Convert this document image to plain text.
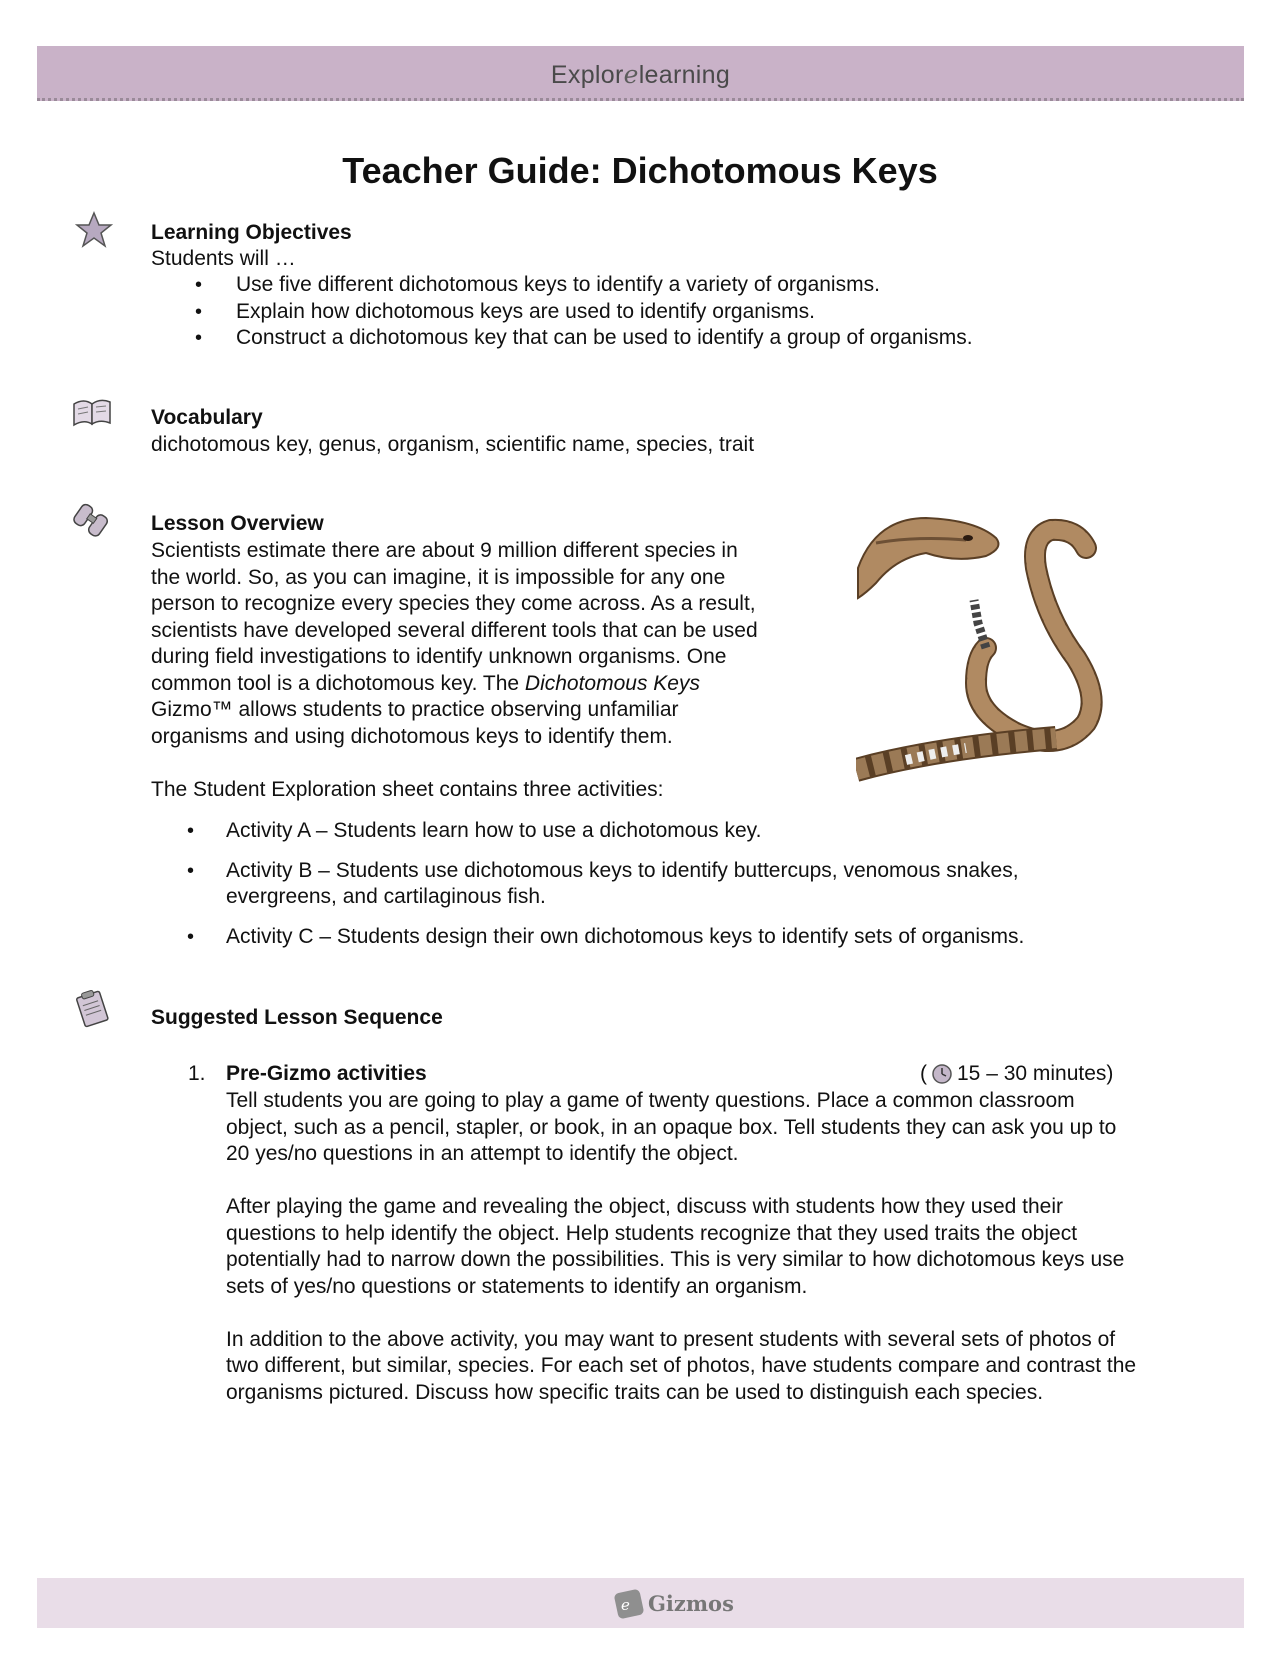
Explorelearning
Teacher Guide: Dichotomous Keys
Learning Objectives
Students will …
• Use five different dichotomous keys to identify a variety of organisms.
• Explain how dichotomous keys are used to identify organisms.
• Construct a dichotomous key that can be used to identify a group of organisms.
Vocabulary
dichotomous key, genus, organism, scientific name, species, trait
Lesson Overview
Scientists estimate there are about 9 million different species in
the world. So, as you can imagine, it is impossible for any one
person to recognize every species they come across. As a result,
scientists have developed several different tools that can be used
during field investigations to identify unknown organisms. One
common tool is a dichotomous key. The Dichotomous Keys
Gizmo™ allows students to practice observing unfamiliar
organisms and using dichotomous keys to identify them.
The Student Exploration sheet contains three activities:
• Activity A – Students learn how to use a dichotomous key.
• Activity B – Students use dichotomous keys to identify buttercups, venomous snakes, evergreens, and cartilaginous fish.
• Activity C – Students design their own dichotomous keys to identify sets of organisms.
Suggested Lesson Sequence
1. Pre-Gizmo activities	( 15 – 30 minutes)

Tell students you are going to play a game of twenty questions. Place a common classroom object, such as a pencil, stapler, or book, in an opaque box. Tell students they can ask you up to 20 yes/no questions in an attempt to identify the object.

After playing the game and revealing the object, discuss with students how they used their questions to help identify the object. Help students recognize that they used traits the object potentially had to narrow down the possibilities. This is very similar to how dichotomous keys use sets of yes/no questions or statements to identify an organism.

In addition to the above activity, you may want to present students with several sets of photos of two different, but similar, species. For each set of photos, have students compare and contrast the organisms pictured. Discuss how specific traits can be used to distinguish each species.

e Gizmos
